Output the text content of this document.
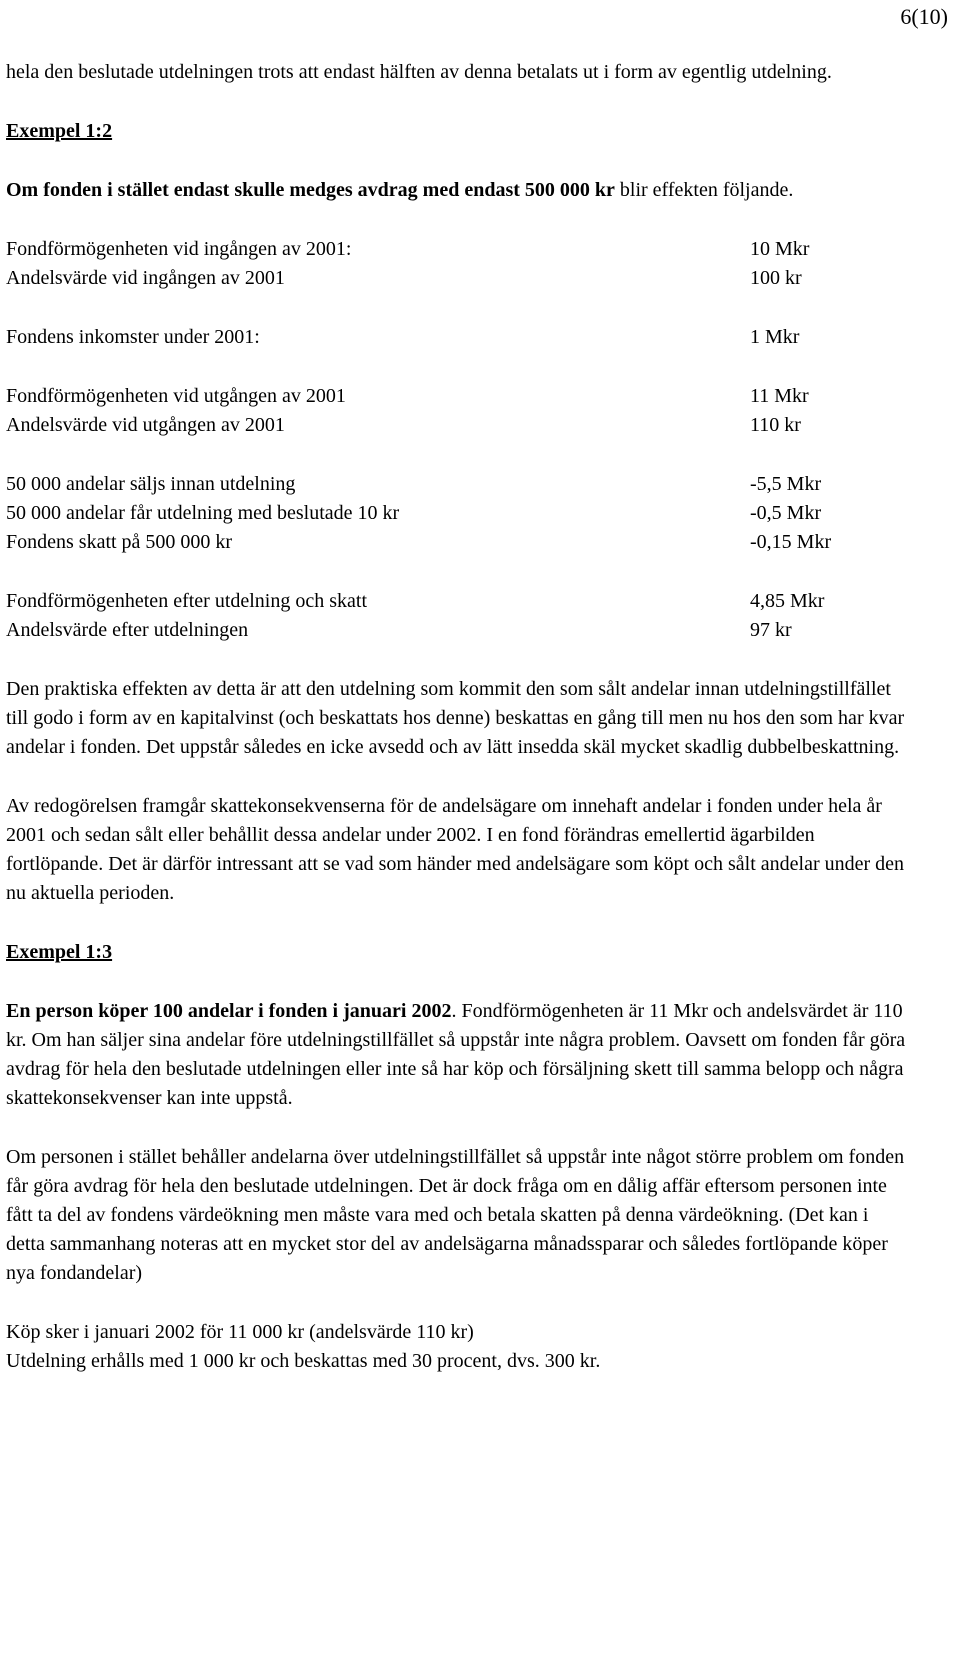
6(10)

hela den beslutade utdelningen trots att endast hälften av denna betalats ut i form av egentlig utdelning.

Exempel 1:2

Om fonden i stället endast skulle medges avdrag med endast 500 000 kr blir effekten följande.

Fondförmögenheten vid ingången av 2001:	10 Mkr
Andelsvärde vid ingången av 2001	100 kr
Fondens inkomster under 2001:	1 Mkr
Fondförmögenheten vid utgången av 2001	11 Mkr
Andelsvärde vid utgången av 2001	110 kr
50 000 andelar säljs innan utdelning	-5,5 Mkr
50 000 andelar får utdelning med beslutade 10 kr	-0,5 Mkr
Fondens skatt på 500 000 kr	-0,15 Mkr
Fondförmögenheten efter utdelning och skatt	4,85 Mkr
Andelsvärde efter utdelningen	97 kr

Den praktiska effekten av detta är att den utdelning som kommit den som sålt andelar innan utdelningstillfället till godo i form av en kapitalvinst (och beskattats hos denne) beskattas en gång till men nu hos den som har kvar andelar i fonden. Det uppstår således en icke avsedd och av lätt insedda skäl mycket skadlig dubbelbeskattning.

Av redogörelsen framgår skattekonsekvenserna för de andelsägare om innehaft andelar i fonden under hela år 2001 och sedan sålt eller behållit dessa andelar under 2002. I en fond förändras emellertid ägarbilden fortlöpande. Det är därför intressant att se vad som händer med andelsägare som köpt och sålt andelar under den nu aktuella perioden.

Exempel 1:3

En person köper 100 andelar i fonden i januari 2002. Fondförmögenheten är 11 Mkr och andelsvärdet är 110 kr. Om han säljer sina andelar före utdelningstillfället så uppstår inte några problem. Oavsett om fonden får göra avdrag för hela den beslutade utdelningen eller inte så har köp och försäljning skett till samma belopp och några skattekonsekvenser kan inte uppstå.

Om personen i stället behåller andelarna över utdelningstillfället så uppstår inte något större problem om fonden får göra avdrag för hela den beslutade utdelningen. Det är dock fråga om en dålig affär eftersom personen inte fått ta del av fondens värdeökning men måste vara med och betala skatten på denna värdeökning. (Det kan i detta sammanhang noteras att en mycket stor del av andelsägarna månadssparar och således fortlöpande köper nya fondandelar)

Köp sker i januari 2002 för 11 000 kr (andelsvärde 110 kr)

Utdelning erhålls med 1 000 kr och beskattas med 30 procent, dvs. 300 kr.
